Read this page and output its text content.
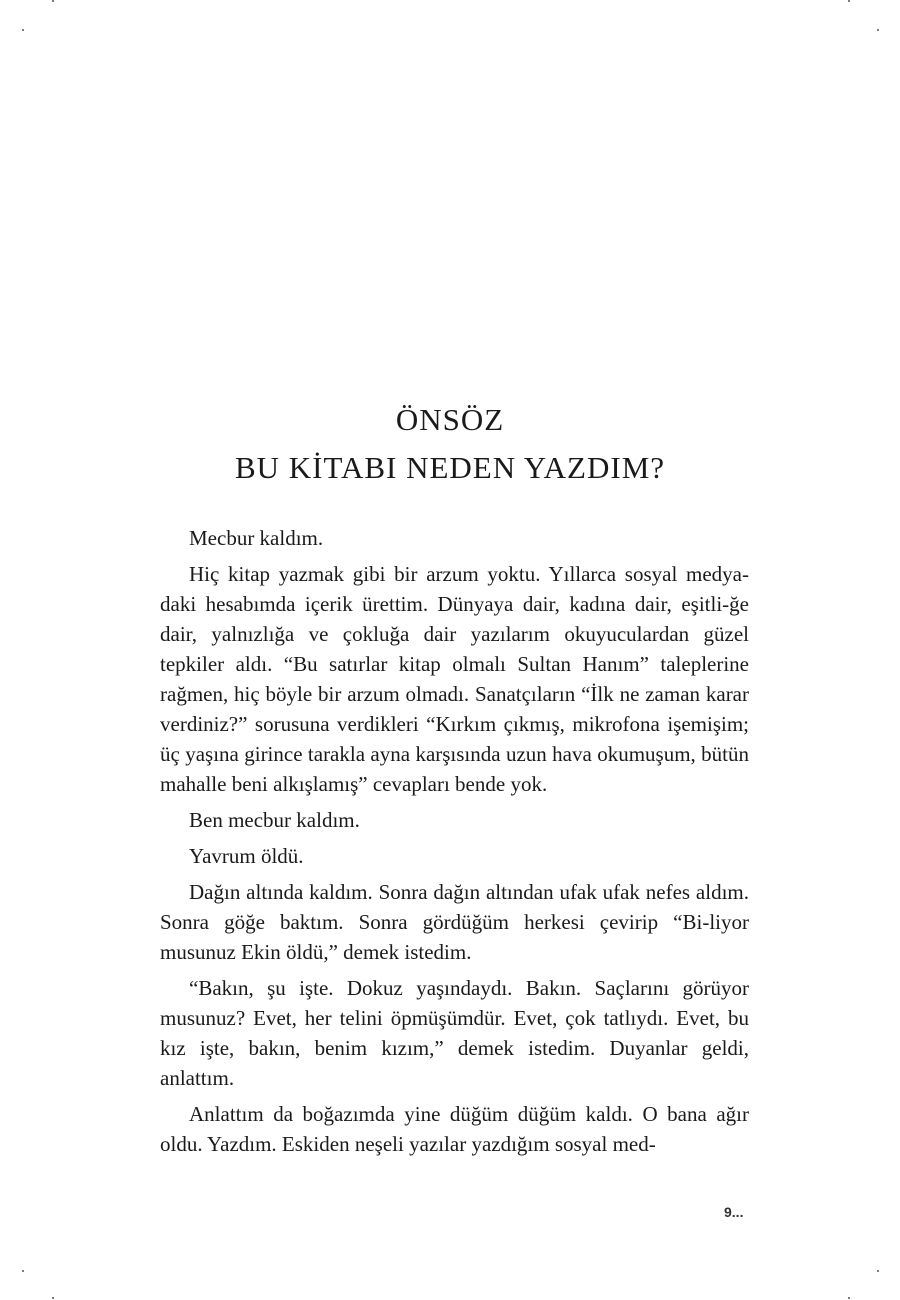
ÖNSÖZ
BU KİTABI NEDEN YAZDIM?

Mecbur kaldım.

Hiç kitap yazmak gibi bir arzum yoktu. Yıllarca sosyal medya-daki hesabımda içerik ürettim. Dünyaya dair, kadına dair, eşitli-ğe dair, yalnızlığa ve çokluğa dair yazılarım okuyuculardan güzel tepkiler aldı. “Bu satırlar kitap olmalı Sultan Hanım” taleplerine rağmen, hiç böyle bir arzum olmadı. Sanatçıların “İlk ne zaman karar verdiniz?” sorusuna verdikleri “Kırkım çıkmış, mikrofona işemişim; üç yaşına girince tarakla ayna karşısında uzun hava okumuşum, bütün mahalle beni alkışlamış” cevapları bende yok.

Ben mecbur kaldım.

Yavrum öldü.

Dağın altında kaldım. Sonra dağın altından ufak ufak nefes aldım. Sonra göğe baktım. Sonra gördüğüm herkesi çevirip “Bi-liyor musunuz Ekin öldü,” demek istedim.

“Bakın, şu işte. Dokuz yaşındaydı. Bakın. Saçlarını görüyor musunuz? Evet, her telini öpmüşümdür. Evet, çok tatlıydı. Evet, bu kız işte, bakın, benim kızım,” demek istedim. Duyanlar geldi, anlattım.

Anlattım da boğazımda yine düğüm düğüm kaldı. O bana ağır oldu. Yazdım. Eskiden neşeli yazılar yazdığım sosyal med-

9...
